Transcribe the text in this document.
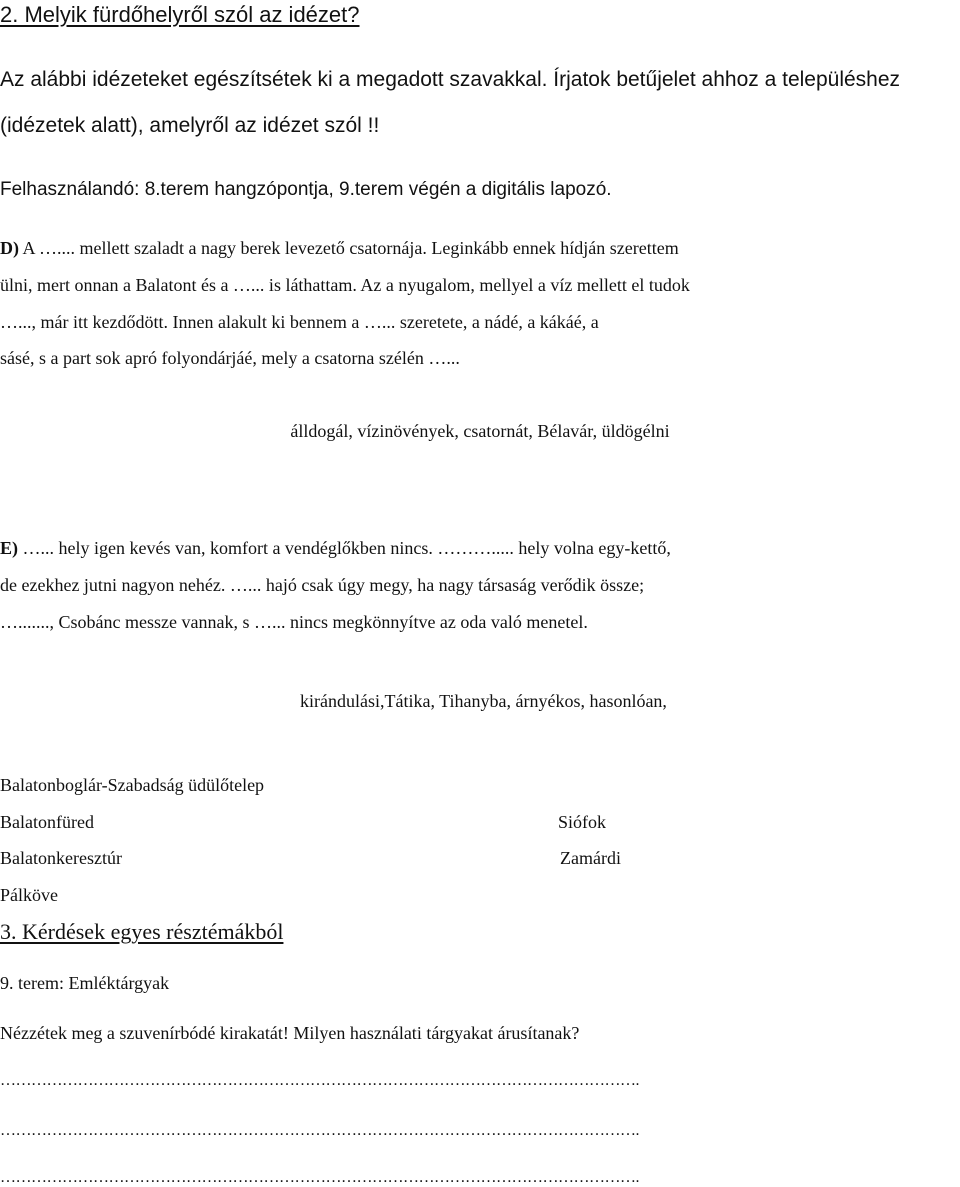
2. Melyik fürdőhelyről szól az idézet?
Az alábbi idézeteket egészítsétek ki a megadott szavakkal. Írjatok betűjelet ahhoz a településhez
(idézetek alatt), amelyről az idézet szól !!
Felhasználandó: 8.terem hangzópontja, 9.terem végén a digitális lapozó.
D) A ….... mellett szaladt a nagy berek levezető csatornája. Leginkább ennek hídján szerettem
ülni, mert onnan a Balatont és a …... is láthattam. Az a nyugalom, mellyel a víz mellett el tudok
…..., már itt kezdődött. Innen alakult ki bennem a …... szeretete, a nádé, a kákáé, a
sásé, s a part sok apró folyondárjáé, mely a csatorna szélén …...
álldogál, vízinövények, csatornát, Bélavár, üldögélni
E) …... hely igen kevés van, komfort a vendéglőkben nincs. ………..... hely volna egy-kettő,
de ezekhez jutni nagyon nehéz. …... hajó csak úgy megy, ha nagy társaság verődik össze;
…......., Csobánc messze vannak, s …... nincs megkönnyítve az oda való menetel.
kirándulási,Tátika, Tihanyba, árnyékos, hasonlóan,
Balatonboglár-Szabadság üdülőtelep
Balatonfüred	Siófok
Balatonkeresztúr	Zamárdi
Pálköve
3. Kérdések egyes résztémákból
9. terem: Emléktárgyak
Nézzétek meg a szuvenírbódé kirakatát! Milyen használati tárgyakat árusítanak?
…………………………………………………………………………………………………………….
…………………………………………………………………………………………………………….
…………………………………………………………………………………………………………….
